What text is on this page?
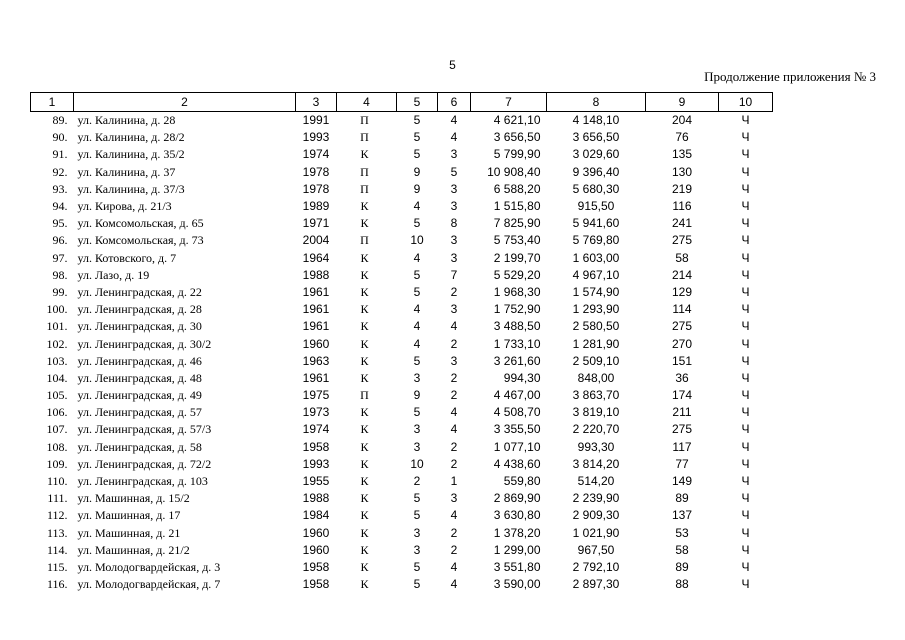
5
Продолжение приложения № 3
1	2	3	4	5	6	7	8	9	10
89.	ул. Калинина, д. 28	1991	П	5	4	4 621,10	4 148,10	204	Ч
90.	ул. Калинина, д. 28/2	1993	П	5	4	3 656,50	3 656,50	76	Ч
91.	ул. Калинина, д. 35/2	1974	К	5	3	5 799,90	3 029,60	135	Ч
92.	ул. Калинина, д. 37	1978	П	9	5	10 908,40	9 396,40	130	Ч
93.	ул. Калинина, д. 37/3	1978	П	9	3	6 588,20	5 680,30	219	Ч
94.	ул. Кирова, д. 21/3	1989	К	4	3	1 515,80	915,50	116	Ч
95.	ул. Комсомольская, д. 65	1971	К	5	8	7 825,90	5 941,60	241	Ч
96.	ул. Комсомольская, д. 73	2004	П	10	3	5 753,40	5 769,80	275	Ч
97.	ул. Котовского, д. 7	1964	К	4	3	2 199,70	1 603,00	58	Ч
98.	ул. Лазо, д. 19	1988	К	5	7	5 529,20	4 967,10	214	Ч
99.	ул. Ленинградская, д. 22	1961	К	5	2	1 968,30	1 574,90	129	Ч
100.	ул. Ленинградская, д. 28	1961	К	4	3	1 752,90	1 293,90	114	Ч
101.	ул. Ленинградская, д. 30	1961	К	4	4	3 488,50	2 580,50	275	Ч
102.	ул. Ленинградская, д. 30/2	1960	К	4	2	1 733,10	1 281,90	270	Ч
103.	ул. Ленинградская, д. 46	1963	К	5	3	3 261,60	2 509,10	151	Ч
104.	ул. Ленинградская, д. 48	1961	К	3	2	994,30	848,00	36	Ч
105.	ул. Ленинградская, д. 49	1975	П	9	2	4 467,00	3 863,70	174	Ч
106.	ул. Ленинградская, д. 57	1973	К	5	4	4 508,70	3 819,10	211	Ч
107.	ул. Ленинградская, д. 57/3	1974	К	3	4	3 355,50	2 220,70	275	Ч
108.	ул. Ленинградская, д. 58	1958	К	3	2	1 077,10	993,30	117	Ч
109.	ул. Ленинградская, д. 72/2	1993	К	10	2	4 438,60	3 814,20	77	Ч
110.	ул. Ленинградская, д. 103	1955	К	2	1	559,80	514,20	149	Ч
111.	ул. Машинная, д. 15/2	1988	К	5	3	2 869,90	2 239,90	89	Ч
112.	ул. Машинная, д. 17	1984	К	5	4	3 630,80	2 909,30	137	Ч
113.	ул. Машинная, д. 21	1960	К	3	2	1 378,20	1 021,90	53	Ч
114.	ул. Машинная, д. 21/2	1960	К	3	2	1 299,00	967,50	58	Ч
115.	ул. Молодогвардейская, д. 3	1958	К	5	4	3 551,80	2 792,10	89	Ч
116.	ул. Молодогвардейская, д. 7	1958	К	5	4	3 590,00	2 897,30	88	Ч
